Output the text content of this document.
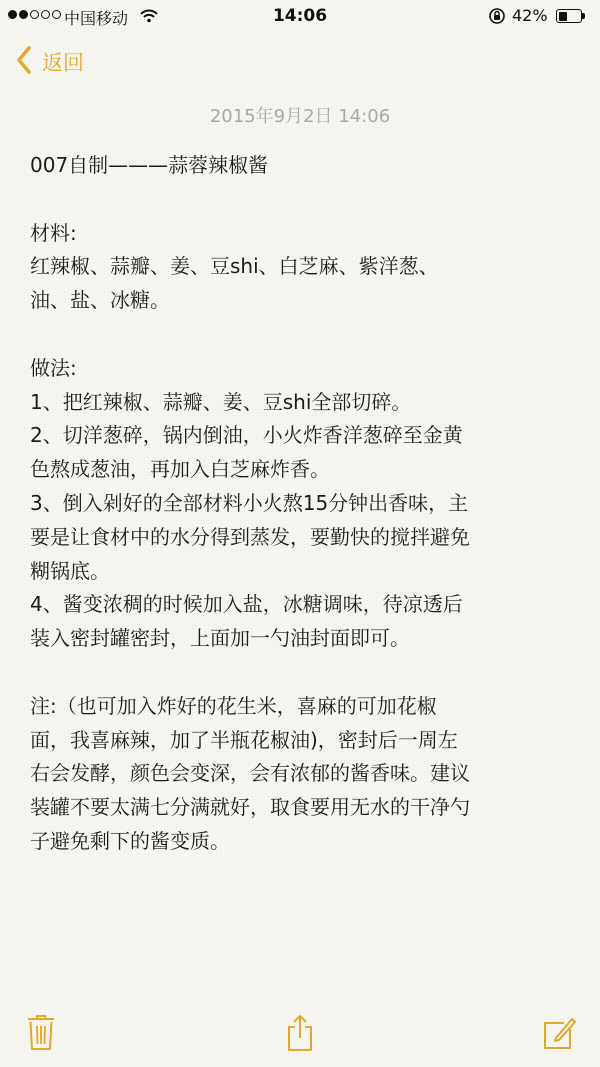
中国移动	14:06	42%
返回
2015年9月2日 14:06

007自制———蒜蓉辣椒酱

材料:

红辣椒、蒜瓣、姜、豆shi、白芝麻、紫洋葱、

油、盐、冰糖。

做法:

1、把红辣椒、蒜瓣、姜、豆shi全部切碎。

2、切洋葱碎，锅内倒油，小火炸香洋葱碎至金黄

色熬成葱油，再加入白芝麻炸香。

3、倒入剁好的全部材料小火熬15分钟出香味，主

要是让食材中的水分得到蒸发，要勤快的搅拌避免

糊锅底。

4、酱变浓稠的时候加入盐，冰糖调味，待凉透后

装入密封罐密封，上面加一勺油封面即可。

注:（也可加入炸好的花生米，喜麻的可加花椒

面，我喜麻辣，加了半瓶花椒油)，密封后一周左

右会发酵，颜色会变深，会有浓郁的酱香味。建议

装罐不要太满七分满就好，取食要用无水的干净勺

子避免剩下的酱变质。
